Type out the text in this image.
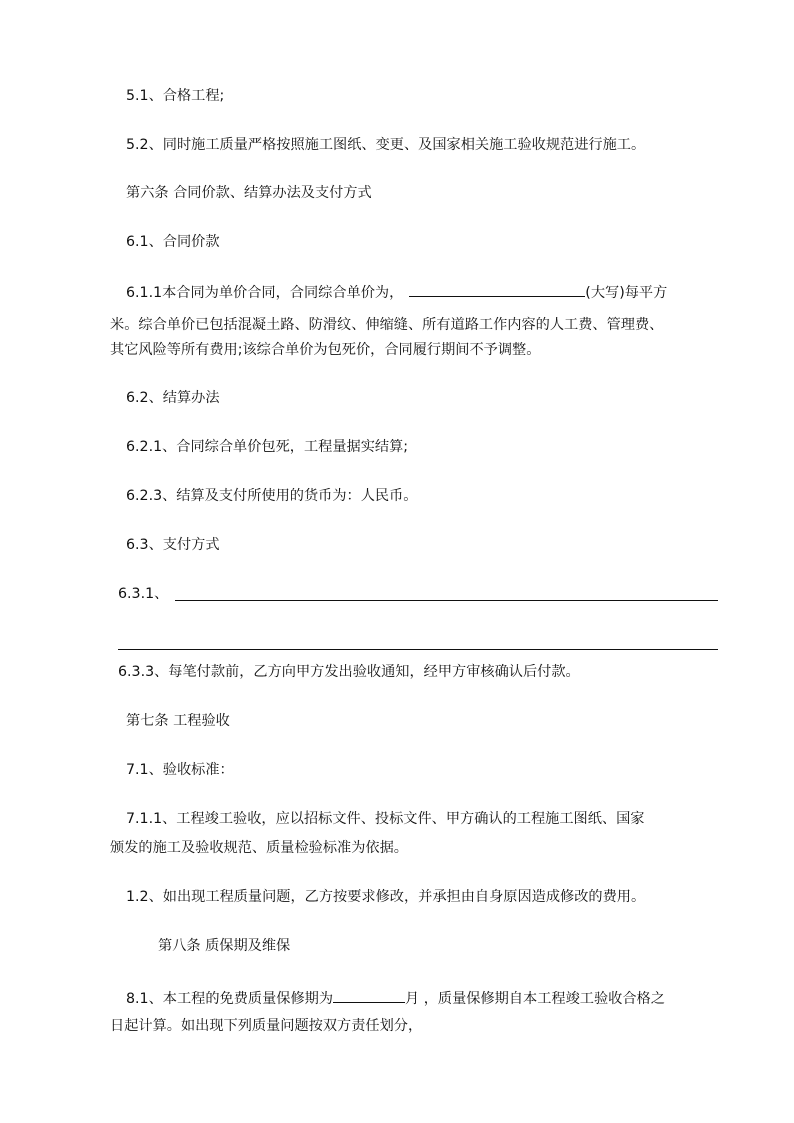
5.1、合格工程;
5.2、同时施工质量严格按照施工图纸、变更、及国家相关施工验收规范进行施工。
第六条 合同价款、结算办法及支付方式
6.1、合同价款
6.1.1本合同为单价合同，合同综合单价为，	(大写)每平方
米。综合单价已包括混凝土路、防滑纹、伸缩缝、所有道路工作内容的人工费、管理费、
其它风险等所有费用;该综合单价为包死价，合同履行期间不予调整。
6.2、结算办法
6.2.1、合同综合单价包死，工程量据实结算;
6.2.3、结算及支付所使用的货币为：人民币。
6.3、支付方式
6.3.1、
6.3.3、每笔付款前，乙方向甲方发出验收通知，经甲方审核确认后付款。
第七条 工程验收
7.1、验收标准：
7.1.1、工程竣工验收，应以招标文件、投标文件、甲方确认的工程施工图纸、国家
颁发的施工及验收规范、质量检验标准为依据。
1.2、如出现工程质量问题，乙方按要求修改，并承担由自身原因造成修改的费用。
第八条 质保期及维保
8.1、本工程的免费质量保修期为	月 ，质量保修期自本工程竣工验收合格之
日起计算。如出现下列质量问题按双方责任划分，
